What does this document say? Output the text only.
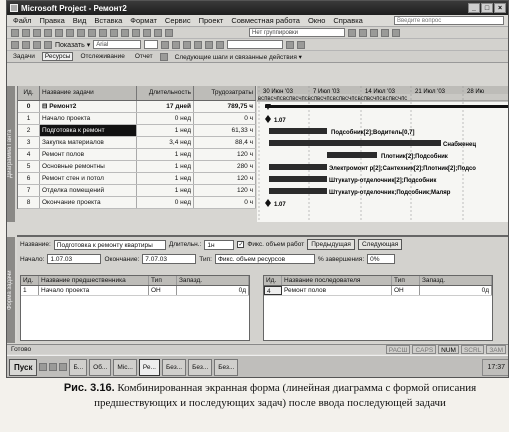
Microsoft Project - Ремонт2	_	□	×
Файл Правка Вид Вставка Формат Сервис Проект Совместная работа Окно Справка	Введите вопрос
Нет группировки
Показать ▾	Arial
Задачи	Ресурсы	Отслеживание	Отчет	Следующие шаги и связанные действия ▾
Диаграмма Ганта
Ид.	Название задачи	Длительность	Трудозатраты
0	⊟ Ремонт2	17 дней	789,75 ч
1	Начало проекта	0 нед	0 ч
2	Подготовка к ремонт	1 нед	61,33 ч
3	Закупка материалов	3,4 нед	88,4 ч
4	Ремонт полов	1 нед	120 ч
5	Основные ремонтны	1 нед	280 ч
6	Ремонт стен и потол	1 нед	120 ч
7	Отделка помещений	1 нед	120 ч
8	Окончание проекта	0 нед	0 ч
30 Июн '03	7 Июл '03	14 Июл '03	21 Июл '03	28 Ию
ВСПВСЧПСВСПВСЧПСВСПВСЧПСВСПВСЧПСВСПВСЧПСВСПВСЧПС
1.07
Подсобник[2];Водитель[0,7]
Снабженец
Плотник[2];Подсобник
Электромонт р[2];Сантехник[2];Плотник[2];Подсо
Штукатур-отделочник[2];Подсобник
Штукатур-отделочник;Подсобник;Маляр
1.07
Форма задачи
Название: Подготовка к ремонту квартиры	Длительн.: 1н	✓ Фикс. объем работ	Предыдущая	Следующая
Начало: 1.07.03	Окончание: 7.07.03	Тип: Фикс. объем ресурсов	% завершения: 0%
Ид.	Название предшественника	Тип	Запазд.
1	Начало проекта	ОН	0д
Ид.	Название последователя	Тип	Запазд.
4	Ремонт полов	ОН	0д
Готово	РАСШ	CAPS	NUM	SCRL	ЗАМ
Пуск	Б...	Об...	Mic...	Ре...	Без...	Без...	Без...	17:37
Рис. 3.16. Комбинированная экранная форма (линейная диаграмма с формой описания предшествующих и последующих задач) после ввода последующей задачи
